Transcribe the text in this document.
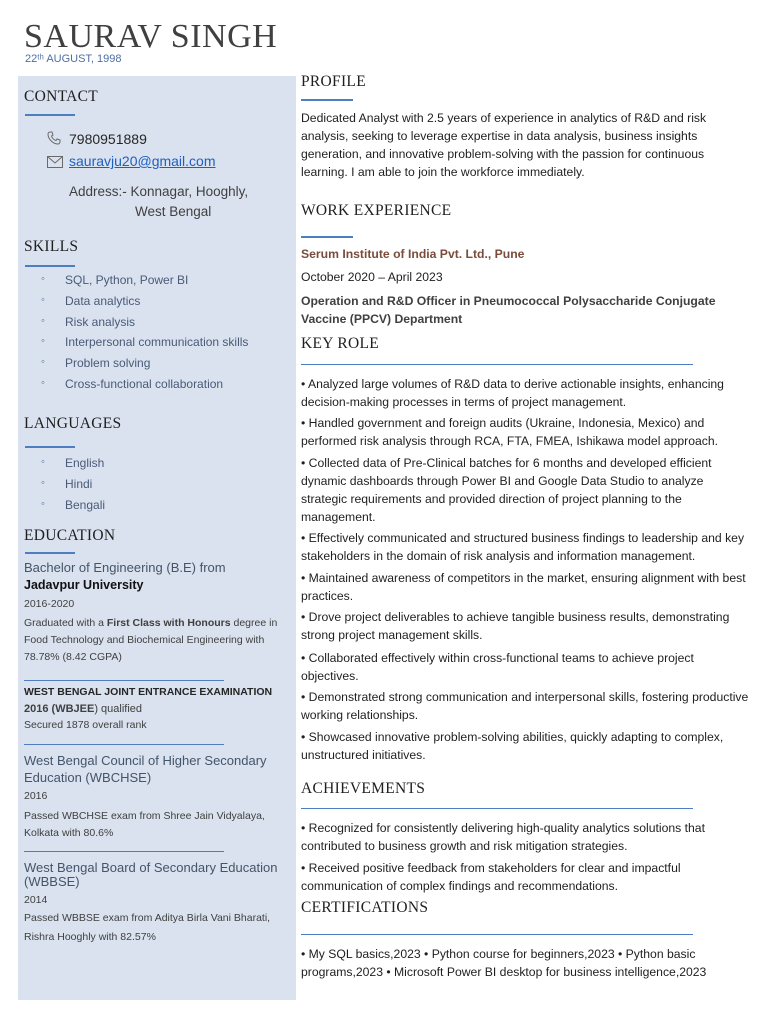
SAURAV SINGH
22ᵗʰ AUGUST, 1998
CONTACT
7980951889
sauravju20@gmail.com
Address:- Konnagar, Hooghly,
West Bengal
SKILLS
◦ SQL, Python, Power BI
◦ Data analytics
◦ Risk analysis
◦ Interpersonal communication skills
◦ Problem solving
◦ Cross-functional collaboration
LANGUAGES
◦ English
◦ Hindi
◦ Bengali
EDUCATION
Bachelor of Engineering (B.E) from
Jadavpur University
2016-2020
Graduated with a First Class with Honours degree in Food Technology and Biochemical Engineering with 78.78% (8.42 CGPA)
WEST BENGAL JOINT ENTRANCE EXAMINATION
2016 (WBJEE) qualified
Secured 1878 overall rank
West Bengal Council of Higher Secondary Education (WBCHSE)
2016
Passed WBCHSE exam from Shree Jain Vidyalaya, Kolkata with 80.6%
West Bengal Board of Secondary Education (WBBSE)
2014
Passed WBBSE exam from Aditya Birla Vani Bharati, Rishra Hooghly with 82.57%
PROFILE
Dedicated Analyst with 2.5 years of experience in analytics of R&D and risk analysis, seeking to leverage expertise in data analysis, business insights generation, and innovative problem-solving with the passion for continuous learning. I am able to join the workforce immediately.
WORK EXPERIENCE
Serum Institute of India Pvt. Ltd., Pune
October 2020 – April 2023
Operation and R&D Officer in Pneumococcal Polysaccharide Conjugate Vaccine (PPCV) Department
KEY ROLE
• Analyzed large volumes of R&D data to derive actionable insights, enhancing decision-making processes in terms of project management.
• Handled government and foreign audits (Ukraine, Indonesia, Mexico) and performed risk analysis through RCA, FTA, FMEA, Ishikawa model approach.
• Collected data of Pre-Clinical batches for 6 months and developed efficient dynamic dashboards through Power BI and Google Data Studio to analyze strategic requirements and provided direction of project planning to the management.
• Effectively communicated and structured business findings to leadership and key stakeholders in the domain of risk analysis and information management.
• Maintained awareness of competitors in the market, ensuring alignment with best practices.
• Drove project deliverables to achieve tangible business results, demonstrating strong project management skills.
• Collaborated effectively within cross-functional teams to achieve project objectives.
• Demonstrated strong communication and interpersonal skills, fostering productive working relationships.
• Showcased innovative problem-solving abilities, quickly adapting to complex, unstructured initiatives.
ACHIEVEMENTS
• Recognized for consistently delivering high-quality analytics solutions that contributed to business growth and risk mitigation strategies.
• Received positive feedback from stakeholders for clear and impactful communication of complex findings and recommendations.
CERTIFICATIONS
• My SQL basics,2023 • Python course for beginners,2023 • Python basic programs,2023 • Microsoft Power BI desktop for business intelligence,2023
